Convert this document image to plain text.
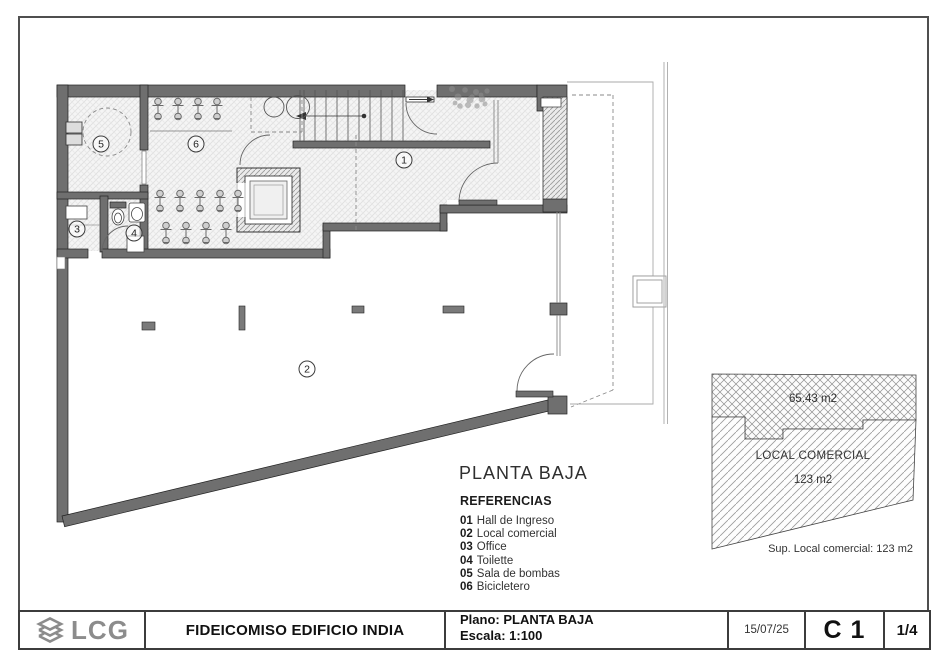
1
2
3	4
5	6
PLANTA BAJA
REFERENCIAS
01 Hall de Ingreso
02 Local comercial
03 Office
04 Toilette
05 Sala de bombas
06 Bicicletero
65.43 m2
LOCAL COMERCIAL
123 m2
Sup. Local comercial: 123 m2
LCG	FIDEICOMISO EDIFICIO INDIA
Plano: PLANTA BAJA
Escala: 1:100	15/07/25	C 1	1/4
